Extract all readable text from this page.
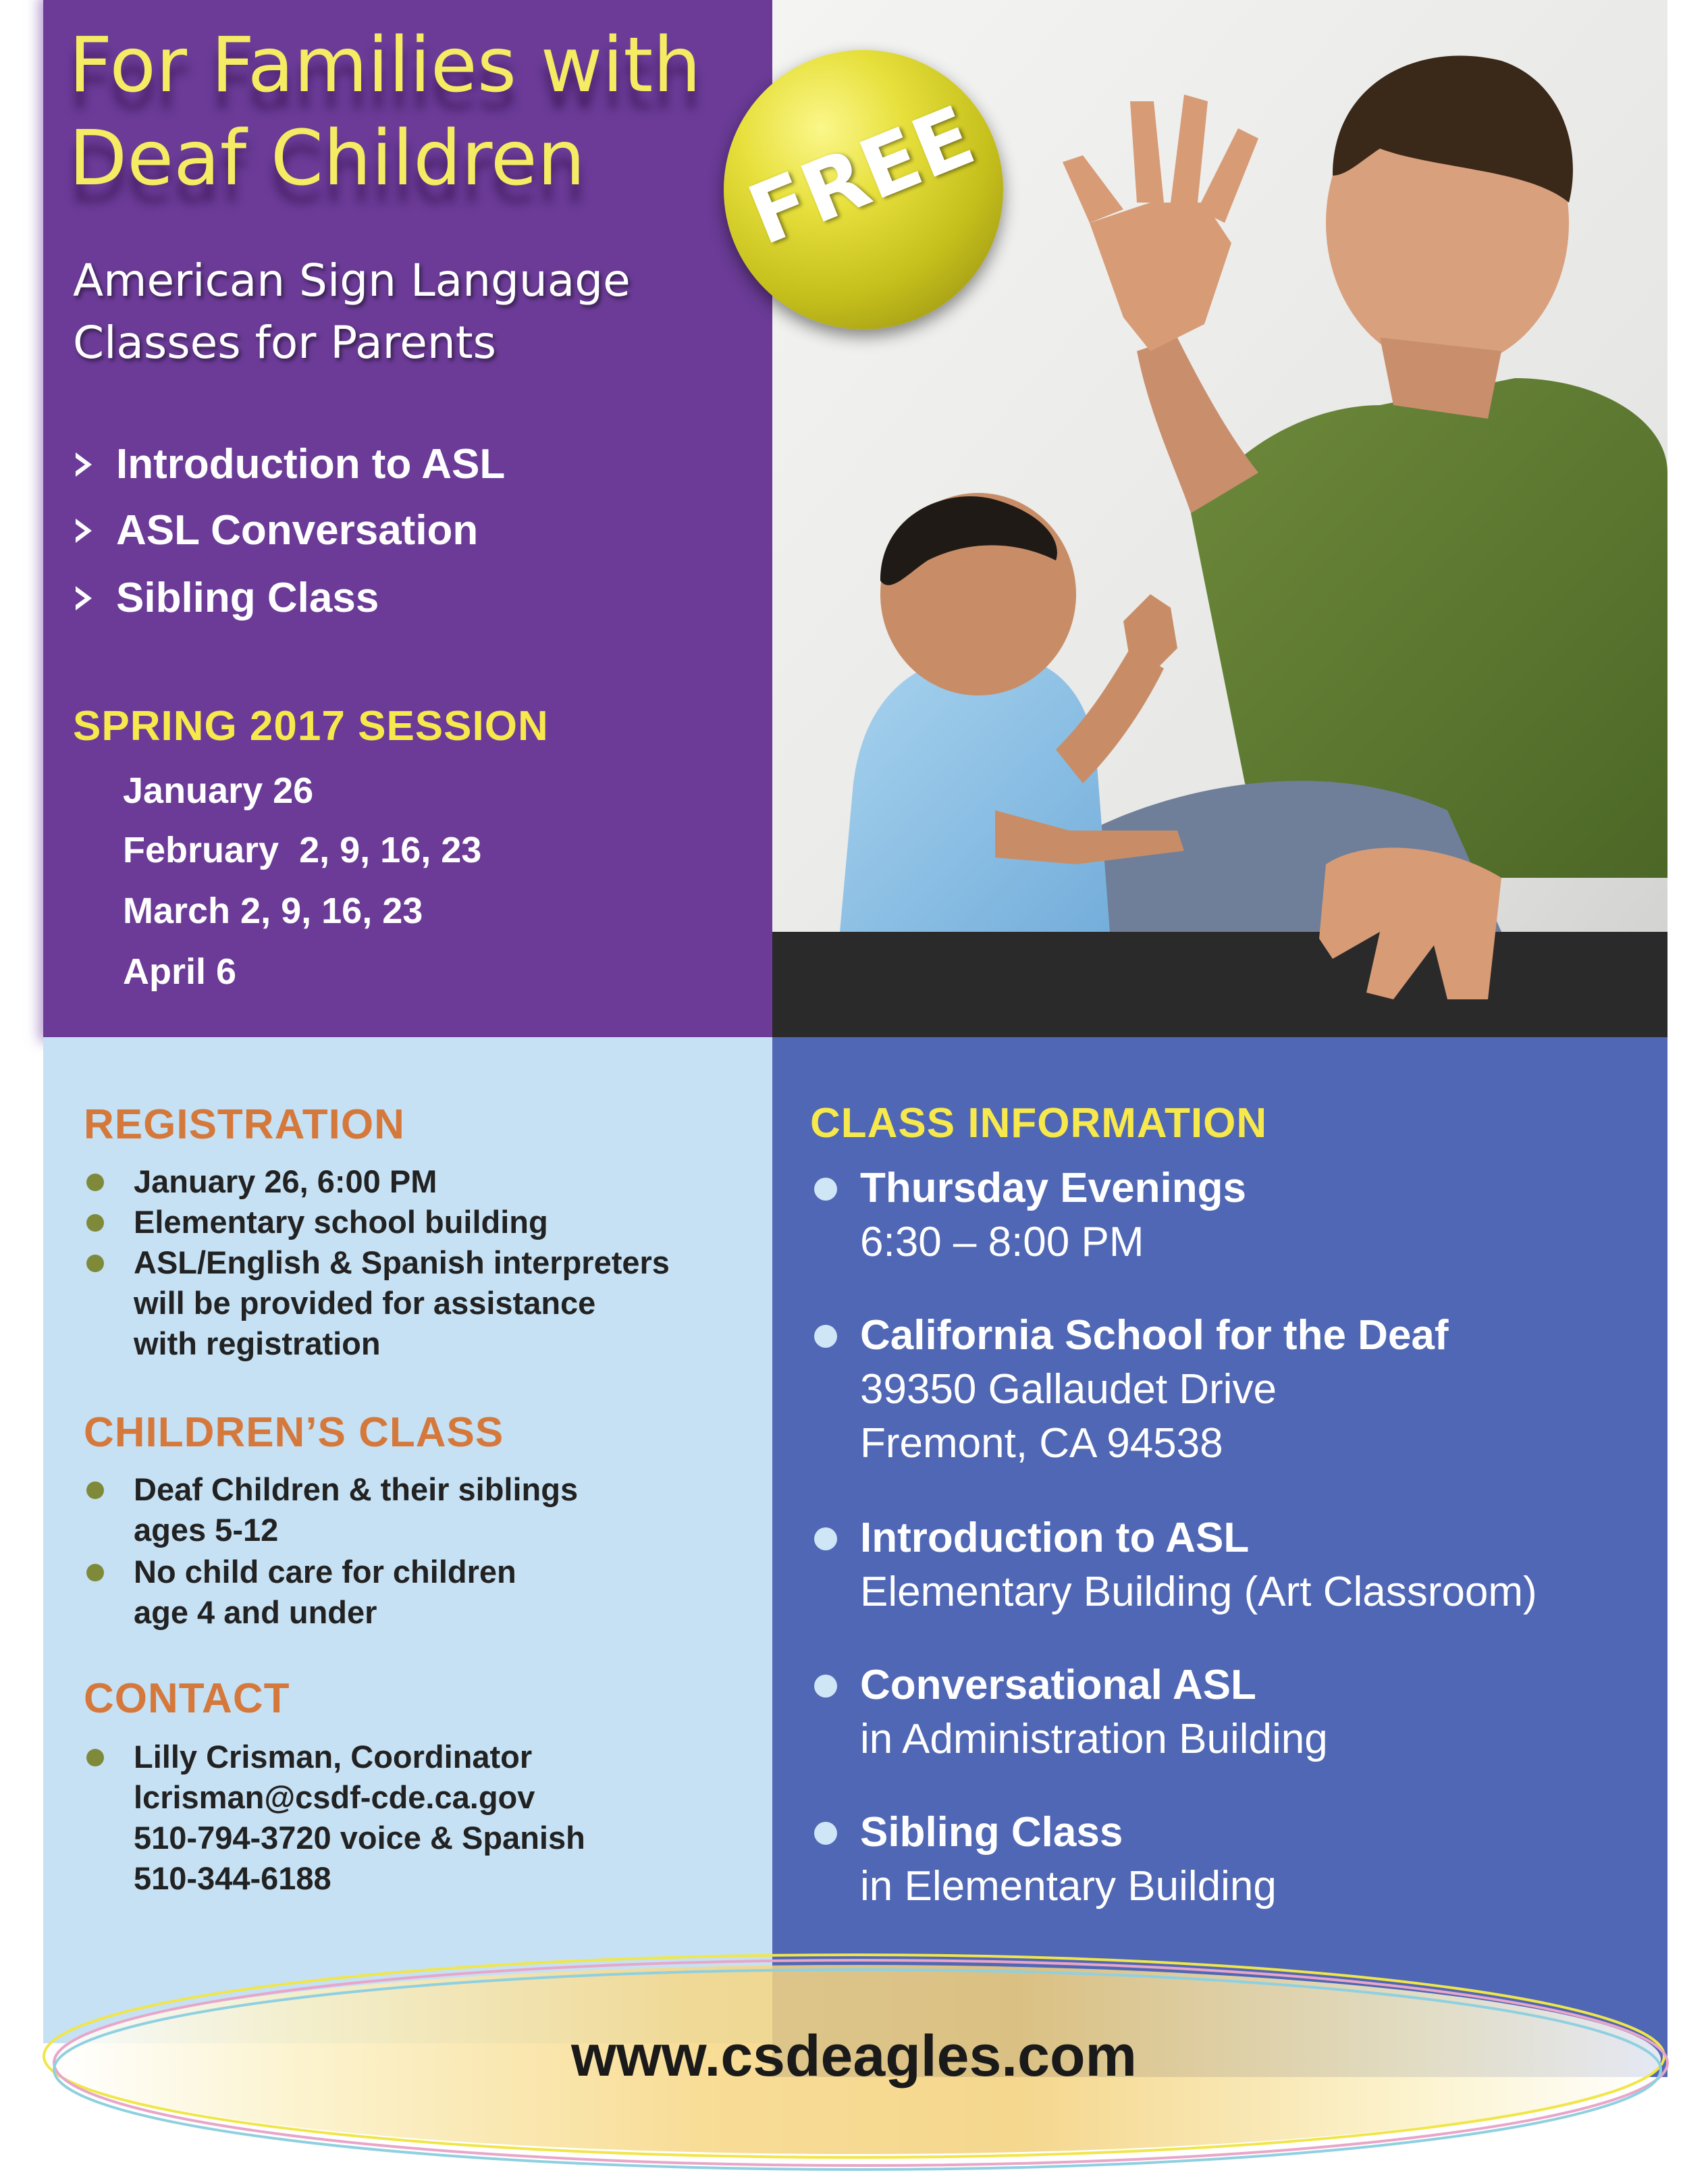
FREE
For Families with
Deaf Children
American Sign Language
Classes for Parents
Introduction to ASL
ASL Conversation
Sibling Class
SPRING 2017 SESSION
January 26
February  2, 9, 16, 23
March 2, 9, 16, 23
April 6
REGISTRATION
January 26, 6:00 PM
Elementary school building
ASL/English & Spanish interpreters
will be provided for assistance
with registration
CHILDREN’S CLASS
Deaf Children & their siblings
ages 5-12
No child care for children
age 4 and under
CONTACT
Lilly Crisman, Coordinator
lcrisman@csdf-cde.ca.gov
510-794-3720 voice & Spanish
510-344-6188
CLASS INFORMATION
Thursday Evenings
6:30 – 8:00 PM
California School for the Deaf
39350 Gallaudet Drive
Fremont, CA 94538
Introduction to ASL
Elementary Building (Art Classroom)
Conversational ASL
in Administration Building
Sibling Class
in Elementary Building
www.csdeagles.com
